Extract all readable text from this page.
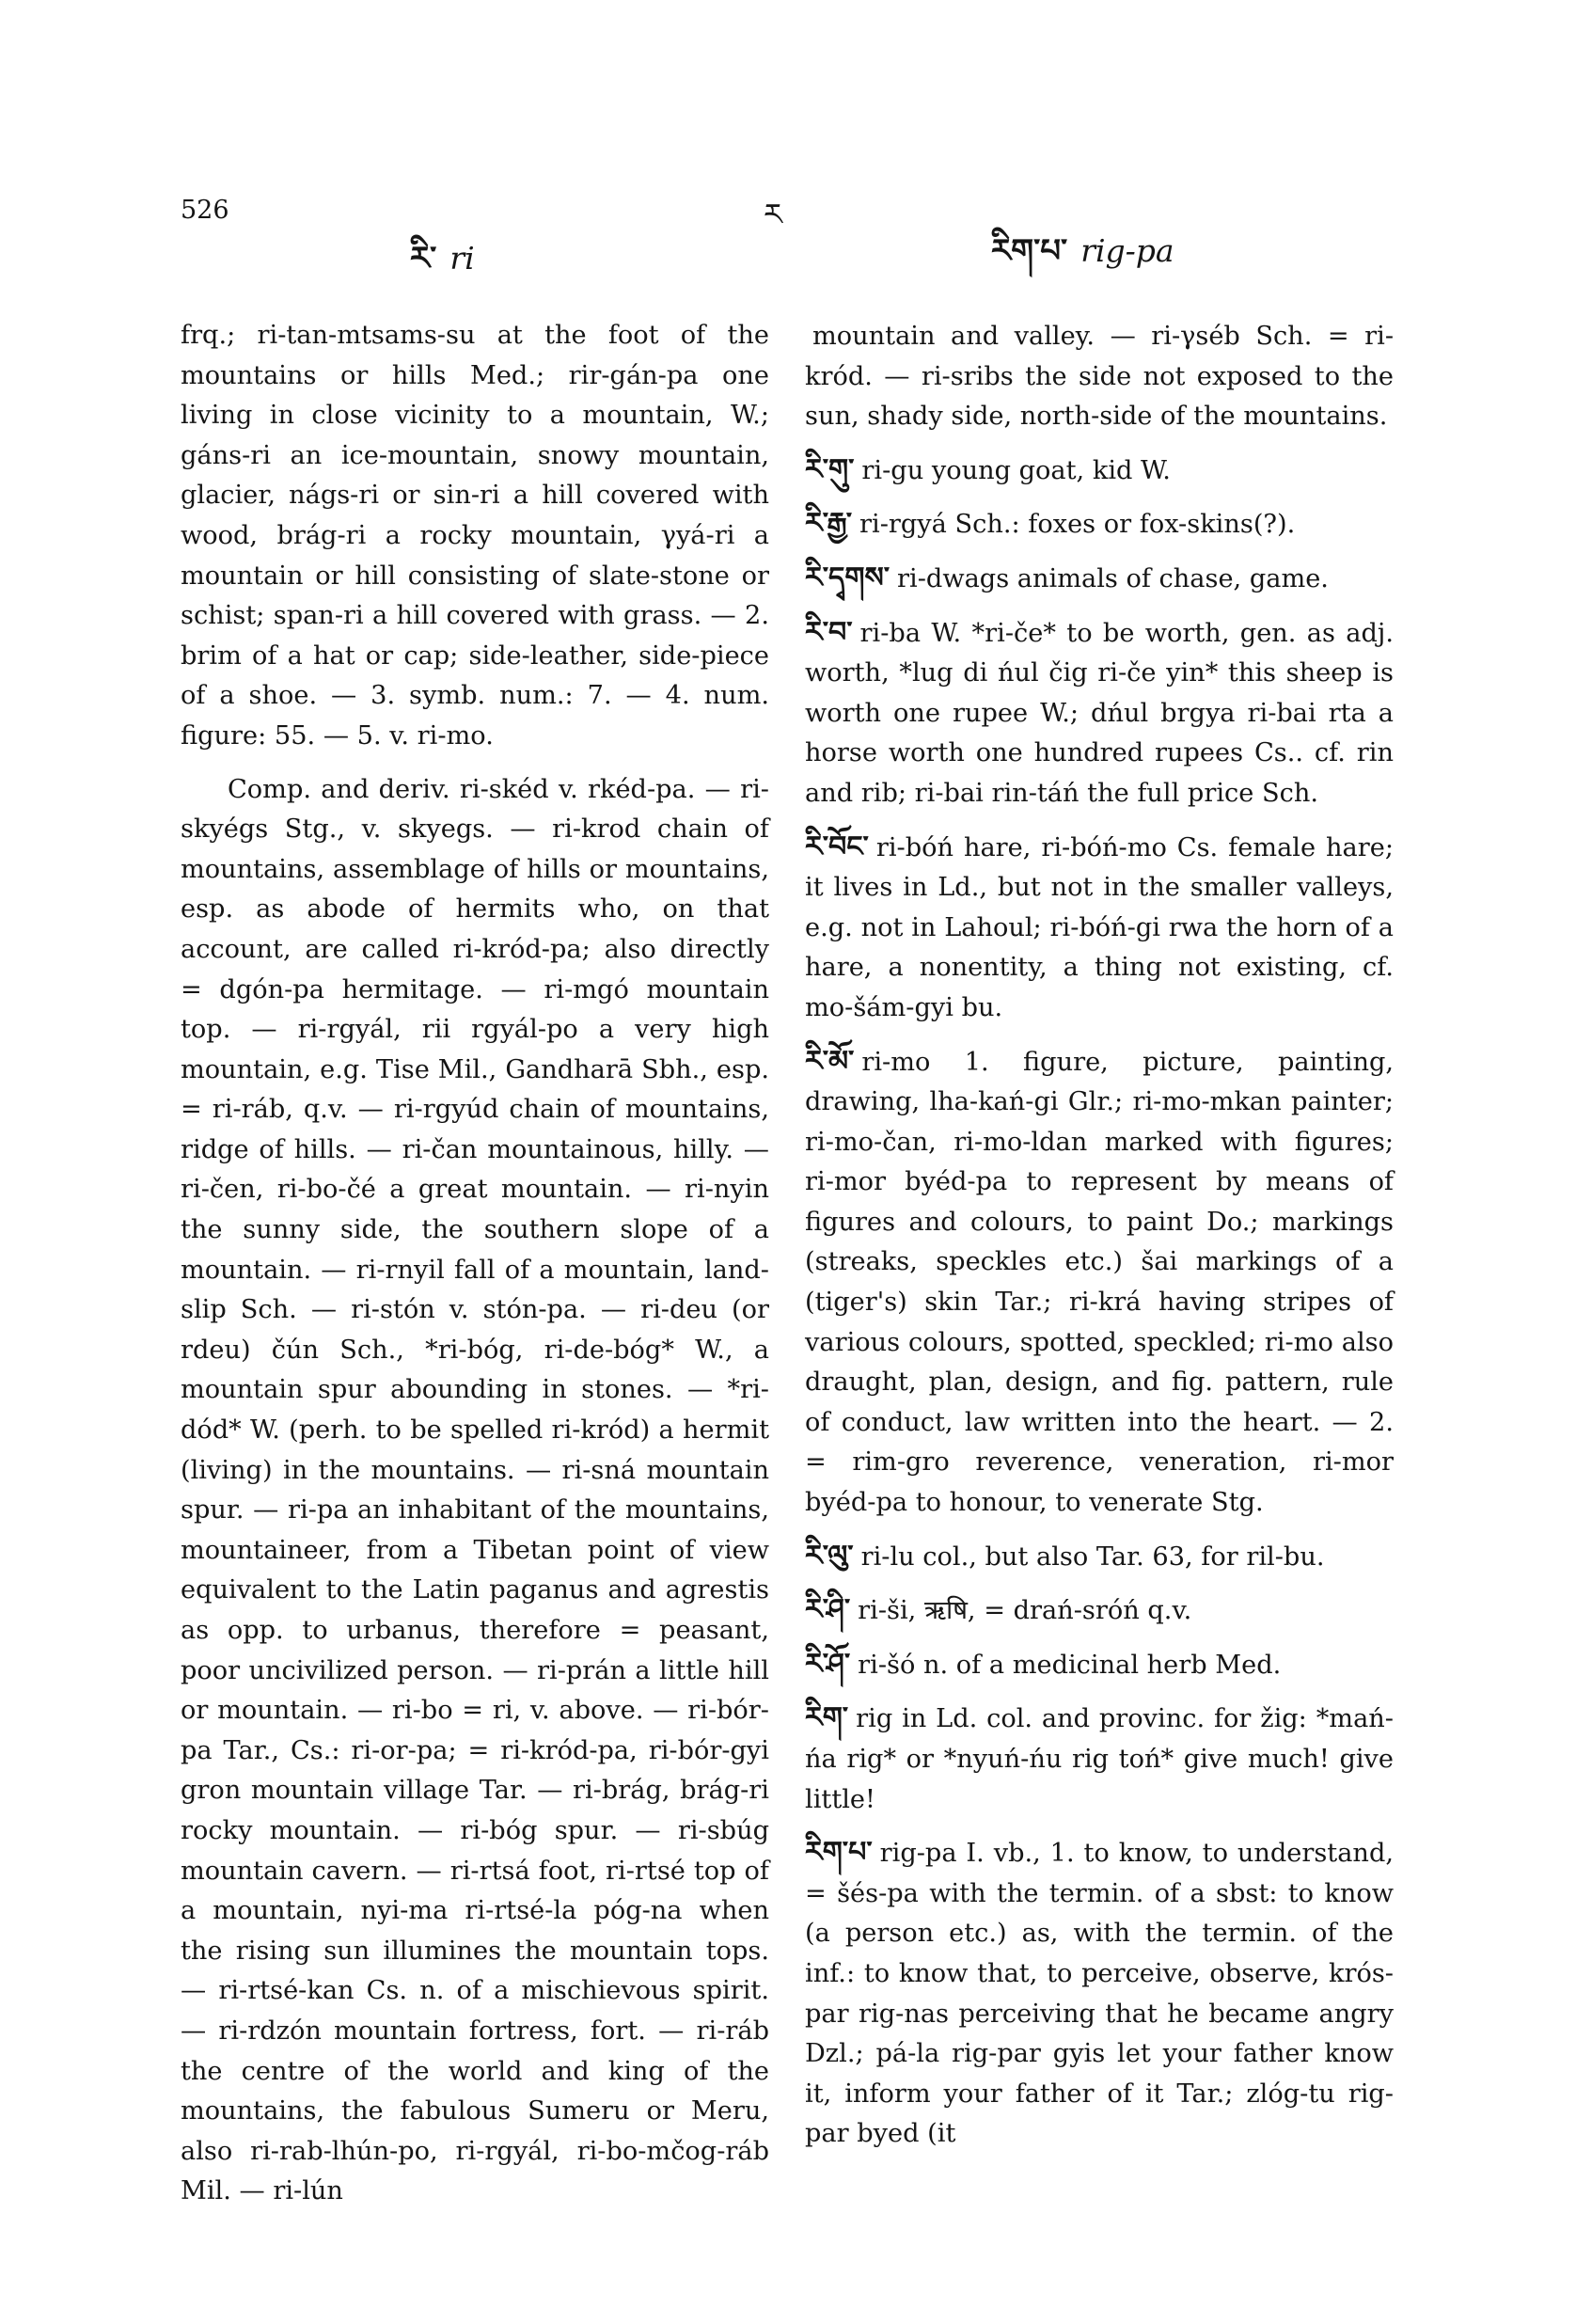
526	ར
རི་ ri	རིག་པ་ rig-pa

frq.; ri-tan-mtsams-su at the foot of the mountains or hills Med.; rir-gán-pa one living in close vicinity to a mountain, W.; gáns-ri an ice-mountain, snowy mountain, glacier, nágs-ri or sin-ri a hill covered with wood, brág-ri a rocky mountain, γyá-ri a mountain or hill consisting of slate-stone or schist; span-ri a hill covered with grass. — 2. brim of a hat or cap; side-leather, side-piece of a shoe. — 3. symb. num.: 7. — 4. num. figure: 55. — 5. v. ri-mo.

Comp. and deriv. ri-skéd v. rkéd-pa. — ri-skyégs Stg., v. skyegs. — ri-krod chain of mountains, assemblage of hills or mountains, esp. as abode of hermits who, on that account, are called ri-kród-pa; also directly = dgón-pa hermitage. — ri-mgó mountain top. — ri-rgyál, rii rgyál-po a very high mountain, e.g. Tise Mil., Gandharā Sbh., esp. = ri-ráb, q.v. — ri-rgyúd chain of mountains, ridge of hills. — ri-čan mountainous, hilly. — ri-čen, ri-bo-čé a great mountain. — ri-nyin the sunny side, the southern slope of a mountain. — ri-rnyil fall of a mountain, land-slip Sch. — ri-stón v. stón-pa. — ri-deu (or rdeu) čún Sch., *ri-bóg, ri-de-bóg* W., a mountain spur abounding in stones. — *ri-dód* W. (perh. to be spelled ri-kród) a hermit (living) in the mountains. — ri-sná mountain spur. — ri-pa an inhabitant of the mountains, mountaineer, from a Tibetan point of view equivalent to the Latin paganus and agrestis as opp. to urbanus, therefore = peasant, poor uncivilized person. — ri-prán a little hill or mountain. — ri-bo = ri, v. above. — ri-bór-pa Tar., Cs.: ri-or-pa; = ri-kród-pa, ri-bór-gyi gron mountain village Tar. — ri-brág, brág-ri rocky mountain. — ri-bóg spur. — ri-sbúg mountain cavern. — ri-rtsá foot, ri-rtsé top of a mountain, nyi-ma ri-rtsé-la póg-na when the rising sun illumines the mountain tops. — ri-rtsé-kan Cs. n. of a mischievous spirit. — ri-rdzón mountain fortress, fort. — ri-ráb the centre of the world and king of the mountains, the fabulous Sumeru or Meru, also ri-rab-lhún-po, ri-rgyál, ri-bo-mčog-ráb Mil. — ri-lún

mountain and valley. — ri-γséb Sch. = ri-kród. — ri-sribs the side not exposed to the sun, shady side, north-side of the mountains.

རི་གུ་ ri-gu young goat, kid W.

རི་རྒྱ་ ri-rgyá Sch.: foxes or fox-skins(?).

རི་དྭགས་ ri-dwags animals of chase, game.

རི་བ་ ri-ba W. *ri-če* to be worth, gen. as adj. worth, *lug di ńul čig ri-če yin* this sheep is worth one rupee W.; dńul brgya ri-bai rta a horse worth one hundred rupees Cs.. cf. rin and rib; ri-bai rin-táń the full price Sch.

རི་བོང་ ri-bóń hare, ri-bóń-mo Cs. female hare; it lives in Ld., but not in the smaller valleys, e.g. not in Lahoul; ri-bóń-gi rwa the horn of a hare, a nonentity, a thing not existing, cf. mo-šám-gyi bu.

རི་མོ་ ri-mo 1. figure, picture, painting, drawing, lha-kań-gi Glr.; ri-mo-mkan painter; ri-mo-čan, ri-mo-ldan marked with figures; ri-mor byéd-pa to represent by means of figures and colours, to paint Do.; markings (streaks, speckles etc.) šai markings of a (tiger's) skin Tar.; ri-krá having stripes of various colours, spotted, speckled; ri-mo also draught, plan, design, and fig. pattern, rule of conduct, law written into the heart. — 2. = rim-gro reverence, veneration, ri-mor byéd-pa to honour, to venerate Stg.

རི་ལུ་ ri-lu col., but also Tar. 63, for ril-bu.

རི་ཤི་ ri-ši, ऋषि, = drań-sróń q.v.

རི་ཤོ་ ri-šó n. of a medicinal herb Med.

རིག་ rig in Ld. col. and provinc. for žig: *mań-ńa rig* or *nyuń-ńu rig toń* give much! give little!

རིག་པ་ rig-pa I. vb., 1. to know, to understand, = šés-pa with the termin. of a sbst: to know (a person etc.) as, with the termin. of the inf.: to know that, to perceive, observe, krós-par rig-nas perceiving that he became angry Dzl.; pá-la rig-par gyis let your father know it, inform your father of it Tar.; zlóg-tu rig-par byed (it
